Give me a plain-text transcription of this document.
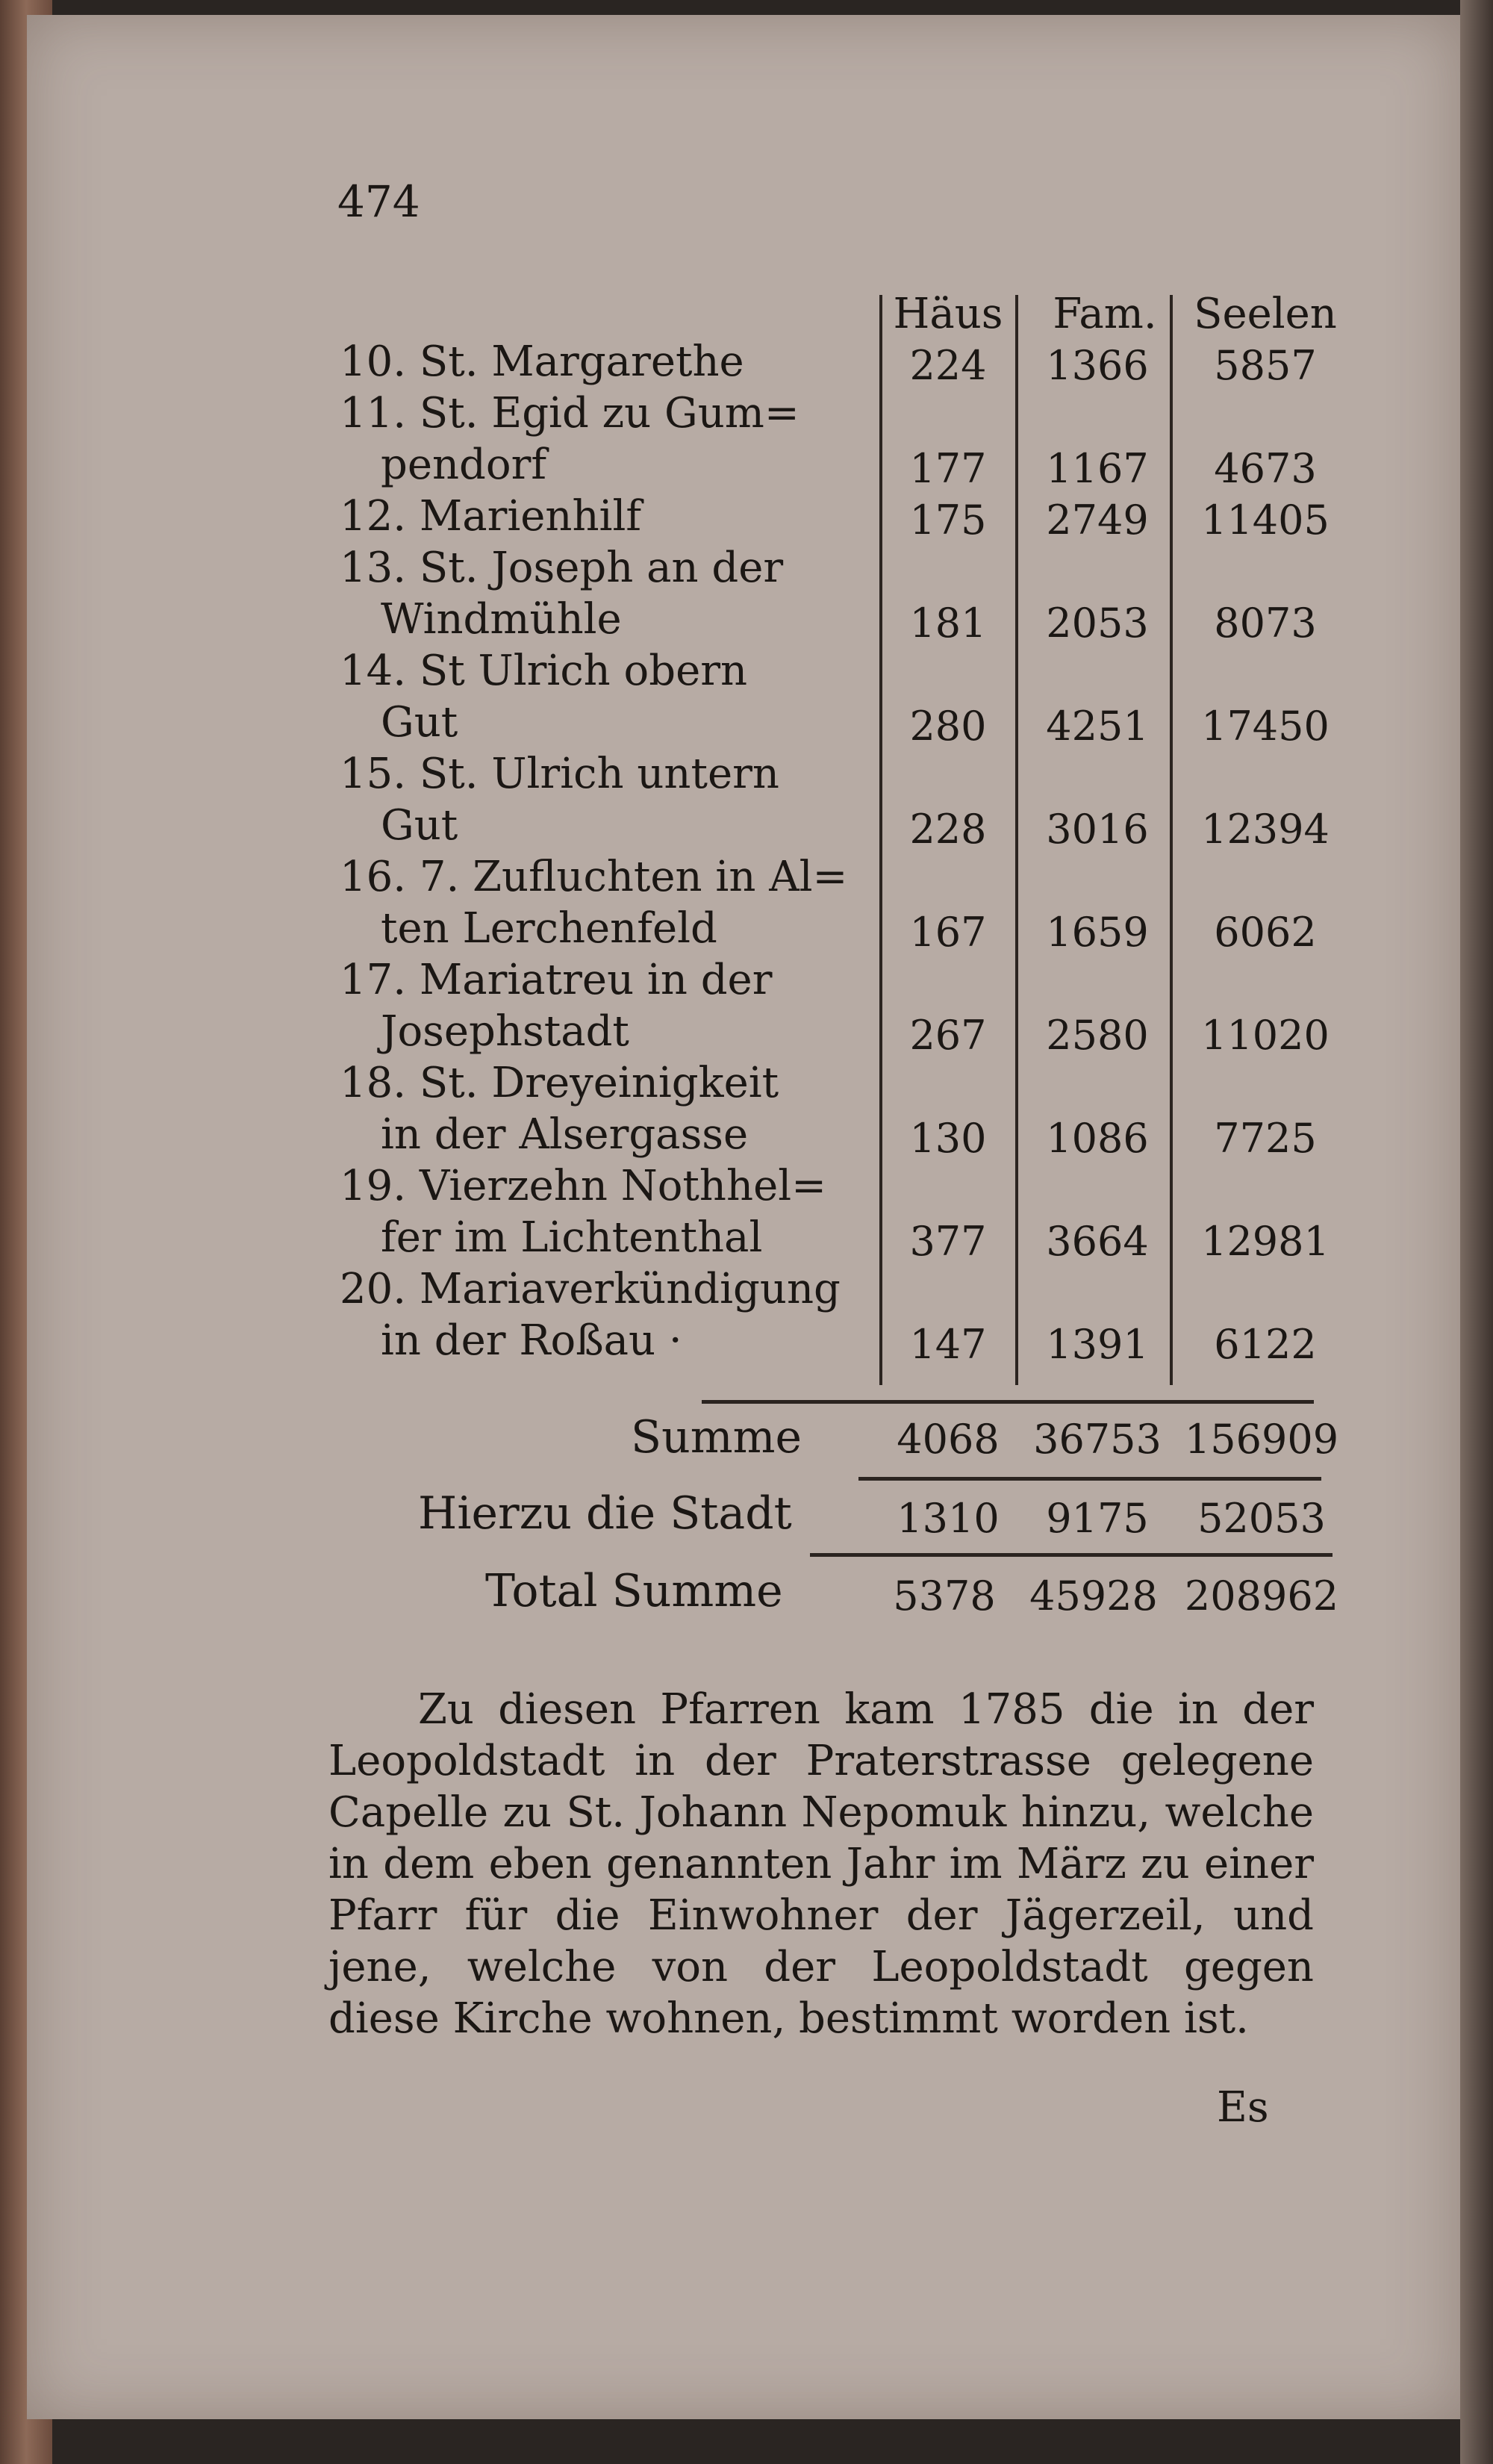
474
Häus	Fam. Seelen
10. St. Margarethe	224	1366	5857
11. St. Egid zu Gum=
pendorf	177	1167	4673
12. Marienhilf	175	2749	11405
13. St. Joseph an der
Windmühle	181	2053	8073
14. St Ulrich obern
Gut	280	4251	17450
15. St. Ulrich untern
Gut	228	3016	12394
16. 7. Zufluchten in Al=
ten Lerchenfeld	167	1659	6062
17. Mariatreu in der
Josephstadt	267	2580	11020
18. St. Dreyeinigkeit
in der Alsergasse	130	1086	7725
19. Vierzehn Nothhel=
fer im Lichtenthal	377	3664	12981
20. Mariaverkündigung
in der Roßau ·	147	1391	6122
Summe	4068 36753 156909
Hierzu die Stadt	1310	9175	52053
Total Summe	5378 45928 208962

Zu diesen Pfarren kam 1785 die in der Leopoldstadt in der Praterstrasse gelegene Capelle zu St. Johann Nepomuk hinzu, welche in dem eben genannten Jahr im März zu einer Pfarr für die Einwohner der Jägerzeil, und jene, welche von der Leopoldstadt gegen diese Kirche wohnen, bestimmt worden ist.

Es
